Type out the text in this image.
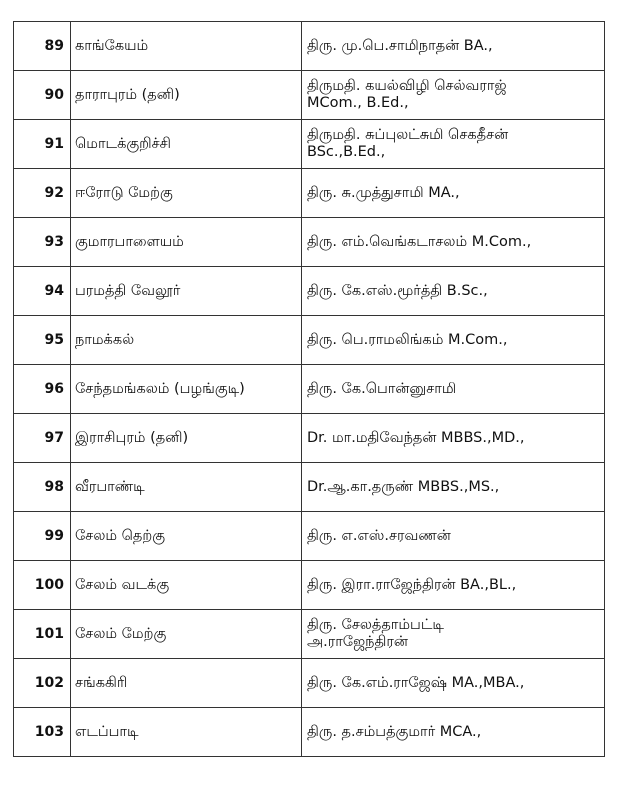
89	காங்கேயம்	திரு. மு.பெ.சாமிநாதன் BA.,

90	தாராபுரம் (தனி)	திருமதி. கயல்விழி செல்வராஜ்
MCom., B.Ed.,

91	மொடக்குறிச்சி	திருமதி. சுப்புலட்சுமி செகதீசன்
BSc.,B.Ed.,

92	ஈரோடு மேற்கு	திரு. சு.முத்துசாமி MA.,

93	குமாரபாளையம்	திரு. எம்.வெங்கடாசலம் M.Com.,

94	பரமத்தி வேலூர்	திரு. கே.எஸ்.மூர்த்தி B.Sc.,

95	நாமக்கல்	திரு. பெ.ராமலிங்கம் M.Com.,

96	சேந்தமங்கலம் (பழங்குடி)	திரு. கே.பொன்னுசாமி

97	இராசிபுரம் (தனி)	Dr. மா.மதிவேந்தன் MBBS.,MD.,

98	வீரபாண்டி	Dr.ஆ.கா.தருண் MBBS.,MS.,

99	சேலம் தெற்கு	திரு. எ.எஸ்.சரவணன்

100	சேலம் வடக்கு	திரு. இரா.ராஜேந்திரன் BA.,BL.,

101	சேலம் மேற்கு	திரு. சேலத்தாம்பட்டி
அ.ராஜேந்திரன்

102	சங்ககிரி	திரு. கே.எம்.ராஜேஷ் MA.,MBA.,

103	எடப்பாடி	திரு. த.சம்பத்குமார் MCA.,
